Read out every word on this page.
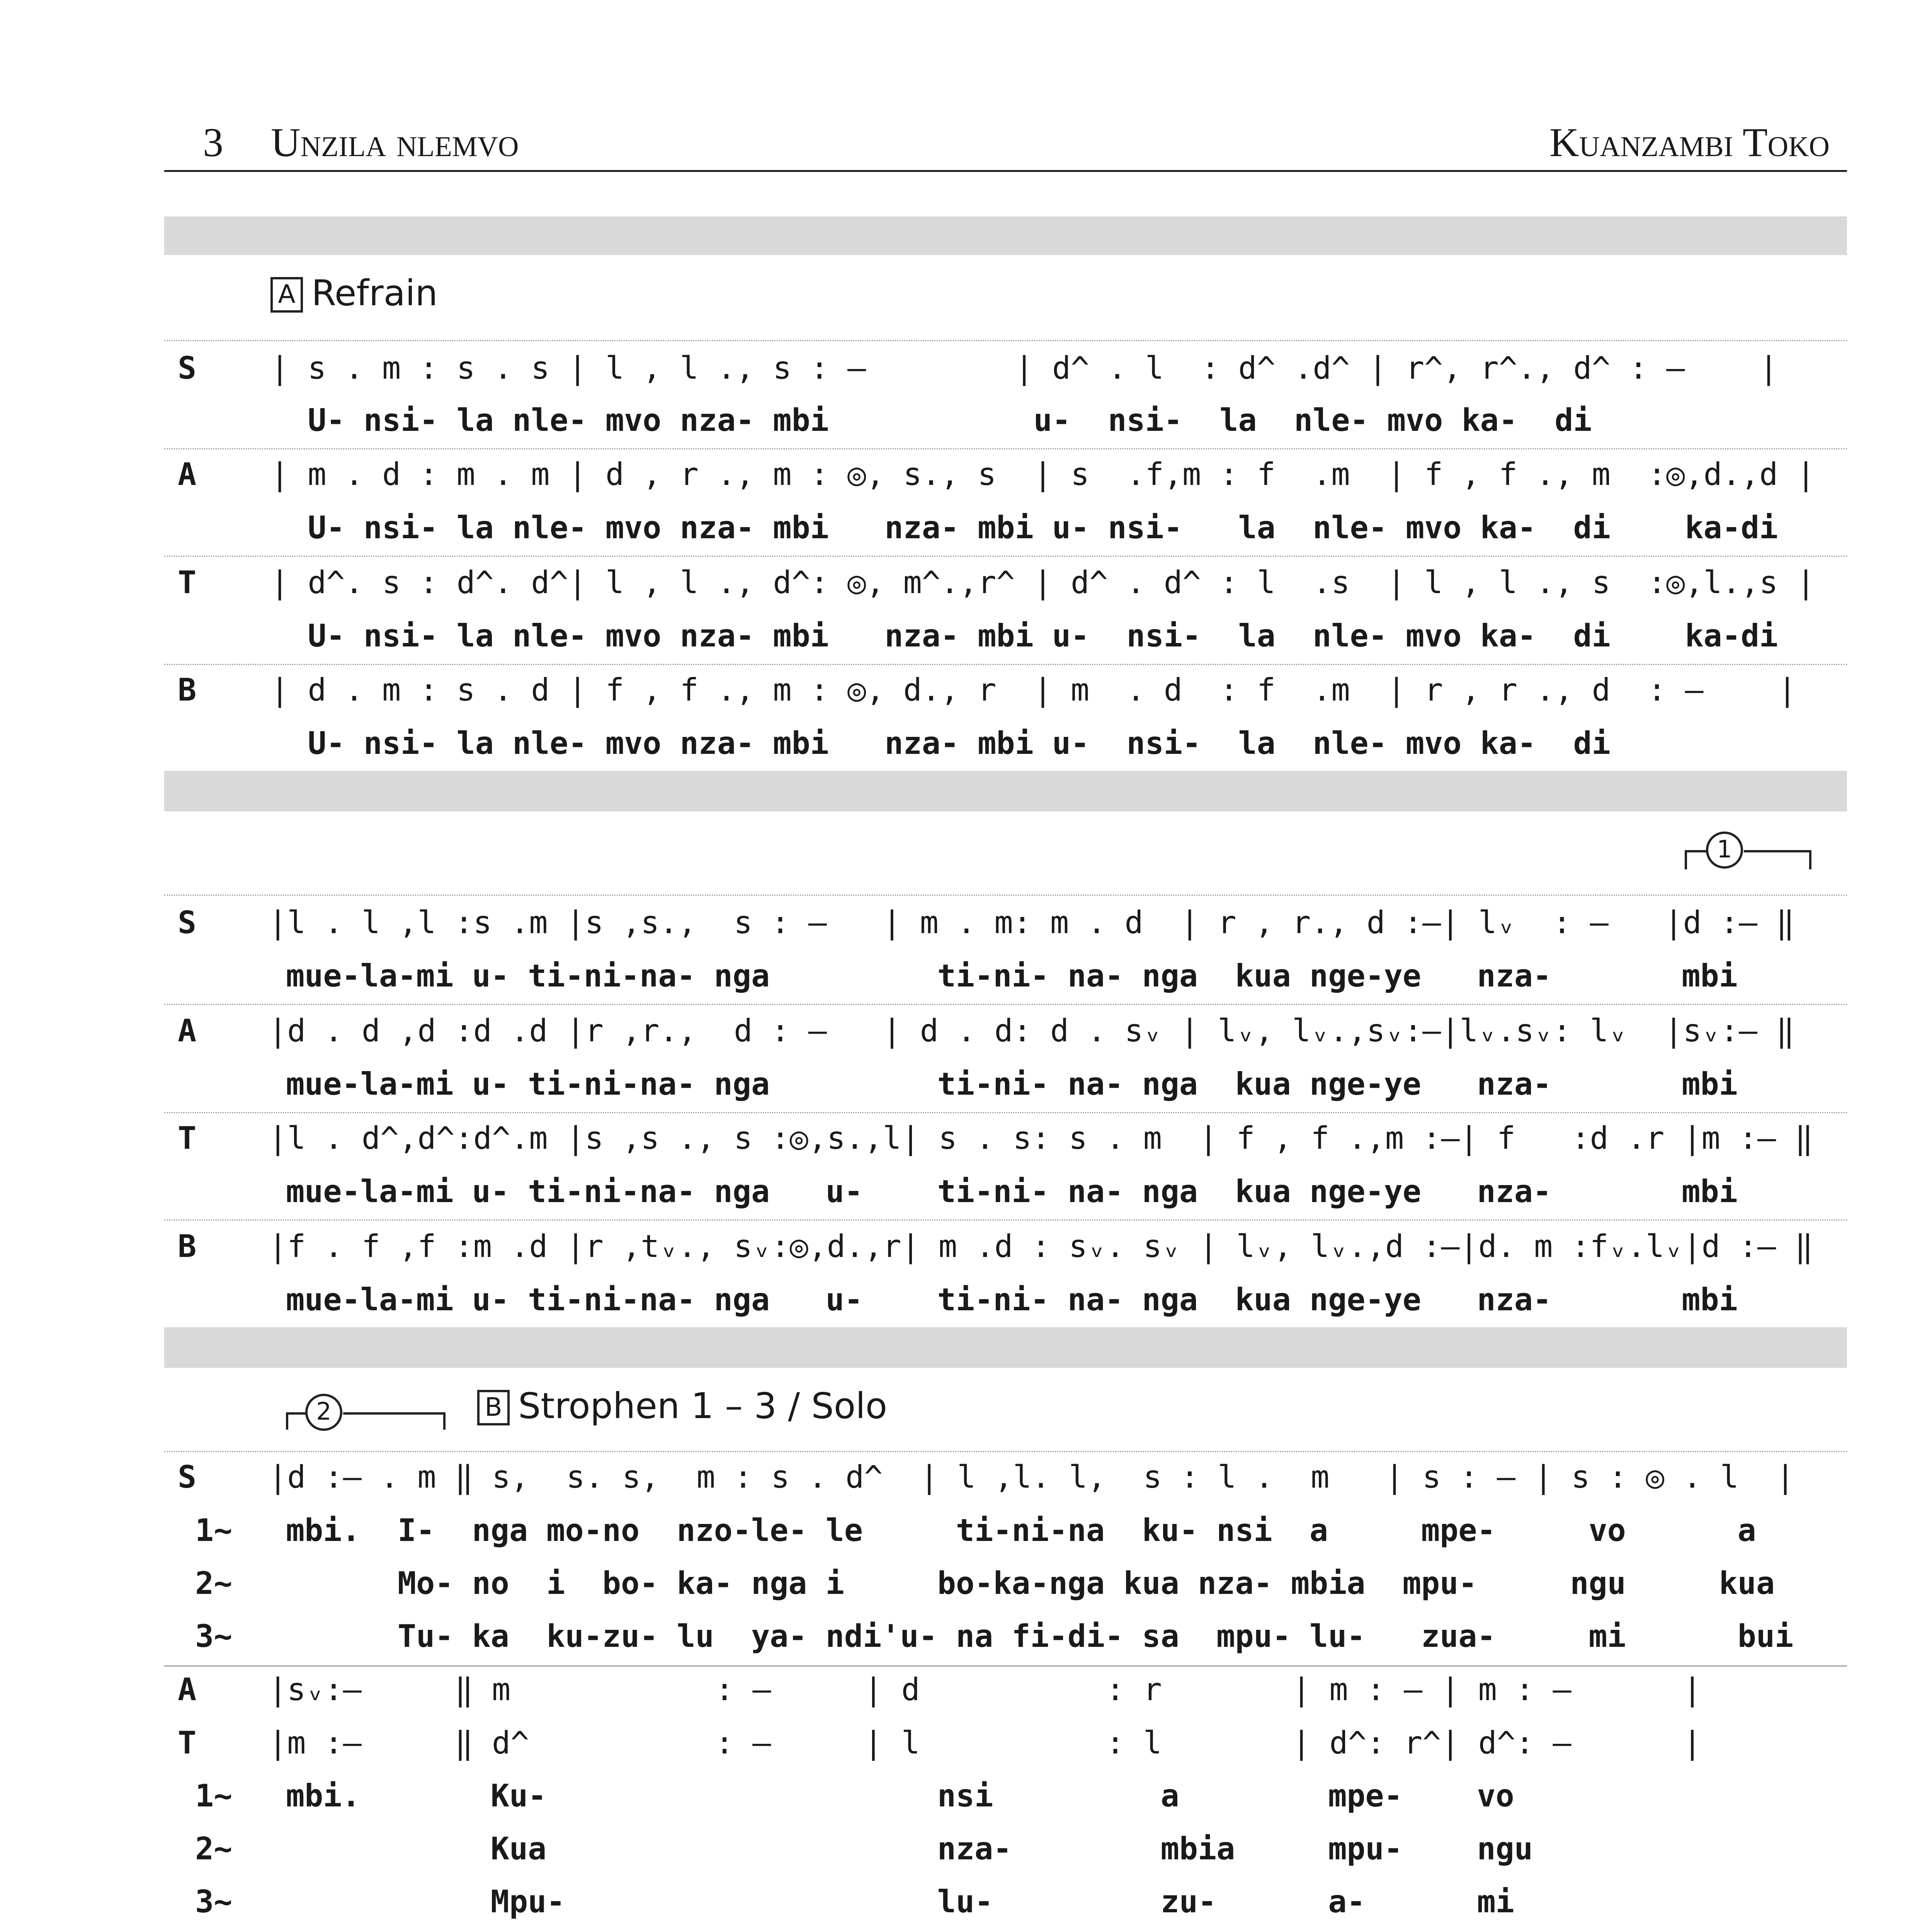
3 Unzila nlemvo	Kuanzambi Toko
A Refrain
S | s . m : s . s | l , l ., s : –        | d^ . l  : d^ .d^ | r^, r^., d^ : –    |
U- nsi- la nle- mvo nza- mbi           u-  nsi-  la  nle- mvo ka-  di
A | m . d : m . m | d , r ., m : ◎, s., s  | s  .f,m : f  .m  | f , f ., m  :◎,d.,d |
U- nsi- la nle- mvo nza- mbi   nza- mbi u- nsi-   la  nle- mvo ka-  di    ka-di
T | d^. s : d^. d^| l , l ., d^: ◎, m^.,r^ | d^ . d^ : l  .s  | l , l ., s  :◎,l.,s |
U- nsi- la nle- mvo nza- mbi   nza- mbi u-  nsi-  la  nle- mvo ka-  di    ka-di
B | d . m : s . d | f , f ., m : ◎, d., r  | m  . d  : f  .m  | r , r ., d  : –    |
U- nsi- la nle- mvo nza- mbi   nza- mbi u-  nsi-  la  nle- mvo ka-  di
1
S |l . l ,l :s .m |s ,s.,  s : –   | m . m: m . d  | r , r., d :–| lᵥ  : –   |d :– ‖
mue-la-mi u- ti-ni-na- nga         ti-ni- na- nga  kua nge-ye   nza-       mbi
A |d . d ,d :d .d |r ,r.,  d : –   | d . d: d . sᵥ | lᵥ, lᵥ.,sᵥ:–|lᵥ.sᵥ: lᵥ  |sᵥ:– ‖
mue-la-mi u- ti-ni-na- nga         ti-ni- na- nga  kua nge-ye   nza-       mbi
T |l . d^,d^:d^.m |s ,s ., s :◎,s.,l| s . s: s . m  | f , f .,m :–| f   :d .r |m :– ‖
mue-la-mi u- ti-ni-na- nga   u-    ti-ni- na- nga  kua nge-ye   nza-       mbi
B |f . f ,f :m .d |r ,tᵥ., sᵥ:◎,d.,r| m .d : sᵥ. sᵥ | lᵥ, lᵥ.,d :–|d. m :fᵥ.lᵥ|d :– ‖
mue-la-mi u- ti-ni-na- nga   u-    ti-ni- na- nga  kua nge-ye   nza-       mbi
2	B Strophen 1 – 3 / Solo
S |d :– . m ‖ s,  s. s,  m : s . d^  | l ,l. l,  s : l .  m   | s : – | s : ◎ . l  |
1~ mbi.  I-  nga mo-no  nzo-le- le     ti-ni-na  ku- nsi  a     mpe-     vo      a
2~ Mo- no  i  bo- ka- nga i     bo-ka-nga kua nza- mbia  mpu-     ngu     kua
3~ Tu- ka  ku-zu- lu  ya- ndi'u- na fi-di- sa  mpu- lu-   zua-     mi      bui
A |sᵥ:–     ‖ m           : –     | d          : r       | m : – | m : –      |
T |m :–     ‖ d^          : –     | l          : l       | d^: r^| d^: –      |
1~ mbi.       Ku-                     nsi         a        mpe-    vo
2~ Kua                     nza-        mbia     mpu-    ngu
3~ Mpu-                    lu-         zu-      a-      mi
